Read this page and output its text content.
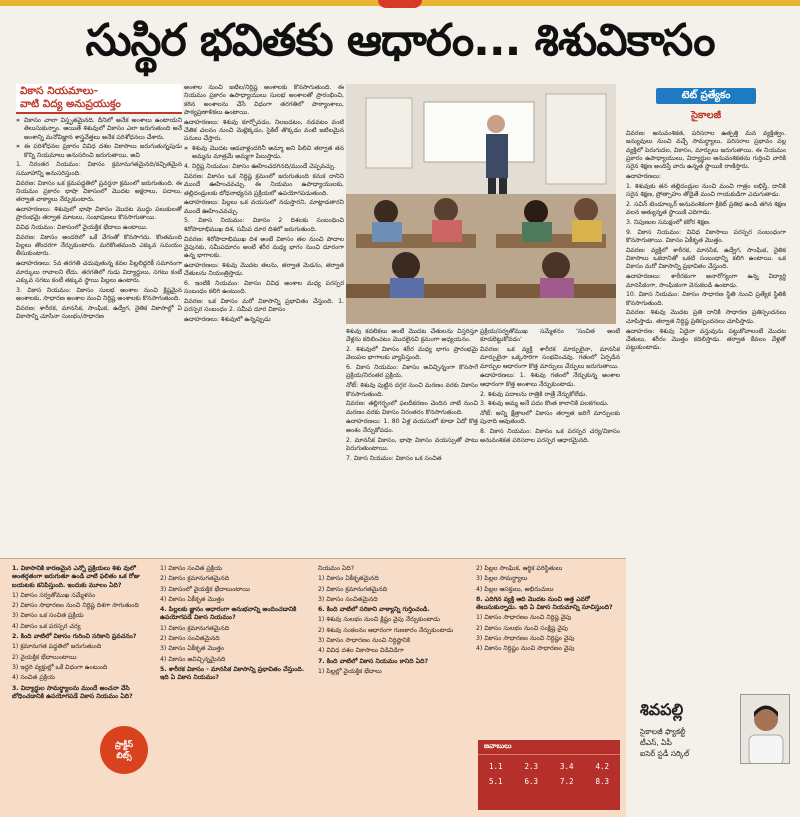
సుస్థిర భవితకు ఆధారం... శిశువికాసం
వికాస నియమాలు-
వాటి విద్య అనుప్రయుక్తం
» వికాసం చాలా విస్తృతమైనది. దీనిలో అనేక అంశాలు ఉంటాయని తెలుసుకున్నాం. ఆయితే శిశువులో వికాసం ఎలా జరుగుతుంది అనే అంశాన్ని మనోవిజ్ఞాన శాస్త్రవేత్తలు అనేక పరిశోధనలు చేశారు.
» ఈ పరిశోధనల ప్రకారం వివిధ దశల వికాసాలు జరుగుతున్నపుడు కొన్ని నియమాలు అనుసరించి జరుగుతాయి. అవి

1. నిరంతర నియమం: వికాసం క్రమానుగతమైనది/కచ్చితమైన సమూహాన్ని అనుసరిస్తుంది.

వివరణ: వికాసం ఒక క్రమపద్ధతిలో ప్రవర్తనా క్రమంలో జరుగుతుంది. ఈ నియమం ప్రకారం భాషా వికాసంలో మొదట అక్షరాలు, పదాలు, తర్వాత వాక్యాలు నేర్చుకుంటారు.

ఉదాహరణలు: శిశువులో భాషా వికాసం మొదట ముద్దు పలుకులతో ప్రారంభమై తర్వాత మాటలు, సంభాషణలు కొనసాగుతాయి.

వివిధ నియమం: వికాసంలో వైయక్తిక భేదాలు ఉంటాయి.

వివరణ: వికాసం అందరిలో ఒకే వేగంతో కొనసాగదు. కొంతమంది పిల్లలు తొందరగా నేర్చుకుంటారు. మరికొంతమంది ఎక్కువ సమయం తీసుకుంటారు.

ఉదాహరణలు: 5వ తరగతి చదువుతున్న కవల పిల్లలిద్దరికీ సమానంగా మార్కులు రావాలని లేదు. తరగతిలో గుడు విద్యార్థులు, సగటు కంటే ఎక్కువ సగటు కంటే తక్కువ స్థాయి పిల్లలు ఉంటారు.

3. వికాస నియమం: వికాసం సులభ అంశాల నుంచి క్లిష్టమైన అంశాలకు, సాధారణ అంశాల నుంచి నిర్దిష్ట అంశాలకు కొనసాగుతుంది.

వివరణ: శారీరక, మానసిక, సాంఘిక, ఉద్వేగ, నైతిక వికాసాల్లో ఏ వికాసాన్ని చూసినా సులభం/సాధారణ

అంశాల నుంచి జటిల/నిర్దిష్ట అంశాలకు కొనసాగుతుంది. ఈ నియమం ప్రకారం ఉపాధ్యాయులు సులభ అంశాలతో ప్రారంభించి, కఠిన అంశాలను చేసే విధంగా తరగతిలో పాఠ్యాంశాలు, పాఠ్యప్రణాళికలు ఉంటాయి.

ఉదాహరణలు: శిశువు కూర్చోవడం, నిలబడటం, నడవటం వంటి చేతిక చలనం నుంచి మెట్లెక్కడం, సైకిల్ తొక్కడం వంటి జటిలమైన పనులు చేస్తారు.

» శిశువు మొదట ఆడవాళ్లందరినీ అమ్మా అని పిలిచి తర్వాత తన అమ్మను మాత్రమే అమ్మగా పిలుస్తాడు.

4. నిర్దిష్ట నియమం: వికాసం ఊహించదగినది/ముందే చెప్పవచ్చు.

వివరణ: వికాసం ఒక నిర్దిష్ట క్రమంలో జరుగుతుంది కనుక దానిని ముందే ఊహించవచ్చు. ఈ నియమం ఉపాధ్యాయులకు, తల్లిదండ్రులకు బోధనాభ్యసన ప్రక్రియలో ఉపయోగపడుతుంది.

ఉదాహరణలు: పిల్లలు ఒక వయసులో నడుస్తారని, మాట్లాడతారని ముందే ఊహించవచ్చు.

5. వికాస నియమం: వికాసం 2 దిశలకు సంబంధించి శిరోపాదాభిముఖ దిశ, సమీప దూర దిశలో జరుగుతుంది.

వివరణ: శిరోపాదాభిముఖ దిశ అంటే వికాసం తల నుంచి పాదాల వైపునకు, సమీపదూరం అంటే శరీర మధ్య భాగం నుంచి దూరంగా ఉన్న భాగాలకు.

ఉదాహరణలు: శిశువు మొదట తలను, తర్వాత మెడను, తర్వాత చేతులను నియంత్రిస్తాడు.

6. ఇంటికి నియమం: వికాసం వివిధ అంశాల మధ్య పరస్పర సంబంధం కలిగి ఉంటుంది.

వివరణ: ఒక వికాసం మరో వికాసాన్ని ప్రభావితం చేస్తుంది. 1. పరస్పర సంబంధం 2. సమీప దూర వికాసం

ఉదాహరణలు: శిశువులో ఉన్నప్పుడు

శిశువు కదలికలు అంటే మొదట చేతులను విస్తరిస్తూ వేళ్లను కదిలించటం మొదలైనవి క్రమంగా అధ్యయనం.

2. శిశువులో వికాసం శరీర మధ్య భాగం ప్రారంభమై వెలుపల భాగాలకు వ్యాపిస్తుంది.

6. వికాస నియమం: వికాసం అవిచ్ఛిన్నంగా కొనసాగే ప్రక్రియ/నిరంతర ప్రక్రియ.

నోట్: శిశువు పుట్టిన దగ్గర నుంచి మరణం వరకు వికాసం కొనసాగుతుంది.

వివరణ: తల్లిగర్భంలో ఫలదీకరణం చెందిన నాటి నుంచి మరణం వరకు వికాసం నిరంతరం కొనసాగుతుంది.

ఉదాహరణలు: 1. 80 ఏళ్ల వయసులో కూడా ఏదో కొత్త అంశం నేర్చుకోవడం.

2. మానసిక వికాసం, భాషా వికాసం వయస్సుతో పాటు పెరుగుతుంటాయి.

7. వికాస నియమం: వికాసం ఒక సంచిత

ప్రక్రియ/సర్వతోముఖ సమ్మేళనం 'సంచిత అంటే కూడబెట్టుకోవడం'

వివరణ: ఒక వ్యక్తి శారీరక మార్పులైనా, మానసిక మార్పులైనా ఒక్కసారిగా సంభవించవు. గతంలో ఏర్పడిన మార్పుల ఆధారంగా కొత్త మార్పులు చేర్పులు జరుగుతాయి.

ఉదాహరణలు: 1. శిశువు గతంలో నేర్చుకున్న అంశాల ఆధారంగా కొత్త అంశాలు నేర్చుకుంటాడు.

2. శిశువు పదాలను రాత్రికి రాత్రే నేర్చుకోలేడు.

3. శిశువు అమ్మ అనే పదం కొంత కాలానికి పలకగలడు.

నోట్: అన్ని క్షేత్రాలలో వికాసం తర్వాత జరిగే మార్పులకు పునాది ఆవుతుంది.

8. వికాస నియమం: వికాసం ఒక పరస్పర చర్య/వికాసం అనువంశికత పరిసరాల పరస్పర ఆధారమైనది.

టెట్ ప్రత్యేకం
సైకాలజీ

వివరణ: అనువంశికత, పరిసరాల ఉత్పత్తి మన వ్యక్తిత్వం. జన్యువులు నుంచి వచ్చే సామర్థ్యాలు, పరిసరాల ప్రభావం వల్ల వ్యక్తిలో పెరుగుదల, వికాసం, మార్పులు జరుగుతాయి. ఈ నియమం ప్రకారం ఉపాధ్యాయులు, విద్యార్థుల అనువంశికతను గుర్తించి వారికి సరైన శిక్షణ అందిస్తే వారు ఉన్నత స్థాయికి రాణిస్తారు.

ఉదాహరణలు:

1. శిశువుకు తన తల్లిదండ్రుల నుంచి మంచి గాత్రం లభిస్తే, దానికి సరైన శిక్షణ, ప్రోత్సాహం తోడైతే మంచి గాయకుడిగా ఎదుగుతాడు.

2. సచిన్ టెండూల్కర్ అనువంశికంగా క్రికెట్ ప్రతిభ ఉండి తగిన శిక్షణ వలన అత్యున్నత స్థాయికి ఎదిగాడు.

3. నిపుణుల సమక్షంలో కఠోర శిక్షణ.

9. వికాస నియమం: వివిధ వికాసాలు పరస్పర సంబంధంగా కొనసాగుతాయి. వికాసం ఏకీకృత మొత్తం.

వివరణ: వ్యక్తిలో శారీరక, మానసిక, ఉద్వేగ, సాంఘిక, నైతిక వికాసాలు ఒకదానితో ఒకటి సంబంధాన్ని కలిగి ఉంటాయి. ఒక వికాసం మరో వికాసాన్ని ప్రభావితం చేస్తుంది.

ఉదాహరణలు: శారీరకంగా అనారోగ్యంగా ఉన్న విద్యార్థి మానసికంగా, సాంఘికంగా వెనుకబడి ఉంటాడు.

10. వికాస నియమం: వికాసం సాధారణ స్థితి నుంచి ప్రత్యేక స్థితికి కొనసాగుతుంది.

వివరణ: శిశువు మొదట ప్రతి దానికి సాధారణ ప్రతిస్పందనలు చూపిస్తాడు. తర్వాత నిర్దిష్ట ప్రతిస్పందనలు చూపిస్తాడు.

ఉదాహరణ: శిశువు ఏదైనా వస్తువును పట్టుకోవాలంటే మొదట చేతులు, శరీరం మొత్తం కదిలిస్తాడు. తర్వాత కేవలం వేళ్లతో పట్టుకుంటాడు.

1. వికాసానికి కారణమైన ఎన్నో ప్రక్రియలు శిశు వులో అంతర్గతంగా జరుగుతూ ఉండి వాటి ఫలితం ఒక రోజు బయటకు కనిపిస్తుంది. ఇందుకు మూలం ఏది?

1) వికాసం సర్వతోముఖ సమ్మేళనం

2) వికాసం సాధారణం నుంచి నిర్దిష్ట దిశగా సాగుతుంది

3) వికాసం ఒక సంచిత ప్రక్రియ

4) వికాసం ఒక పరస్పర చర్య

2. కింది వాటిలో వికాసం గురించి సరికాని ప్రవచనం?

1) క్రమానుగత పద్ధతిలో జరుగుతుంది

2) వైయక్తిక భేదాలుంటాయి

3) ఇద్దరి వ్యక్తుల్లో ఒకే విధంగా ఉంటుంది

4) సంచిత ప్రక్రియ

3. విద్యార్థుల సామర్థ్యాలను ముందే అంచనా వేసి బోధించడానికి ఉపయోగపడే వికాస నియమం ఏది?

1) వికాసం సంచిత ప్రక్రియ

2) వికాసం క్రమానుగతమైనది

3) వికాసంలో వైయక్తిక భేదాలుంటాయి

4) వికాసం ఏకీకృత మొత్తం

4. పిల్లలకు జ్ఞానం ఆధారంగా అనుభవాన్ని అందించడానికి ఉపయోగపడే వికాస నియమం?

1) వికాసం క్రమానుగతమైనది

2) వికాసం సంచితమైనది

3) వికాసం ఏకీకృత మొత్తం

4) వికాసం అవిచ్ఛిన్నమైనది

5. శారీరక వికాసం - మానసిక వికాసాన్ని ప్రభావితం చేస్తుంది. ఇది ఏ వికాస నియమం?

నియమం ఏది?

1) వికాసం ఏకీకృతమైనది

2) వికాసం క్రమానుగతమైనది

3) వికాసం సంచితమైనది

6. కింది వాటిలో సరికాని వాక్యాన్ని గుర్తించండి.

1) శిశువు సులభం నుంచి క్లిష్టం వైపు నేర్చుకుంటాడు

2) శిశువు సంకలనం ఆధారంగా గుణకారం నేర్చుకుంటాడు

3) వికాసం సాధారణం నుంచి నిర్దిష్టానికి

4) వివిధ దశల వికాసాలు విడివిడిగా

7. కింది వాటిలో వికాస నియమం కానిది ఏది?

1) పిల్లల్లో వైయక్తిక భేదాలు

2) పిల్లల సాంఘిక, ఆర్థిక పరిస్థితులు

3) పిల్లల సామర్థ్యాలు

4) పిల్లల ఆసక్తులు, అభిరుచులు

8. ఎదిగిన వ్యక్తి ఆది మొదట నుంచి అత్త ఎవరో తెలుసుకున్నాడు. ఇది ఏ వికాస నియమాన్ని సూచిస్తుంది?

1) వికాసం సాధారణం నుంచి నిర్దిష్ట వైపు

2) వికాసం సులభం నుంచి సంక్లిష్ట వైపు

3) వికాసం సాధారణం నుంచి నిర్దిష్టం వైపు

4) వికాసం నిర్దిష్టం నుంచి సాధారణం వైపు

ప్రాక్టీస్
బిట్స్
జవాబులు
1.1	2.3	3.4	4.2
5.1	6.3	7.2	8.3
శివపల్లి
సైకాలజీ ఫ్యాకల్టీ
టీఎస్, ఏపీ
ఐసెర్ స్టడీ సర్కిల్
